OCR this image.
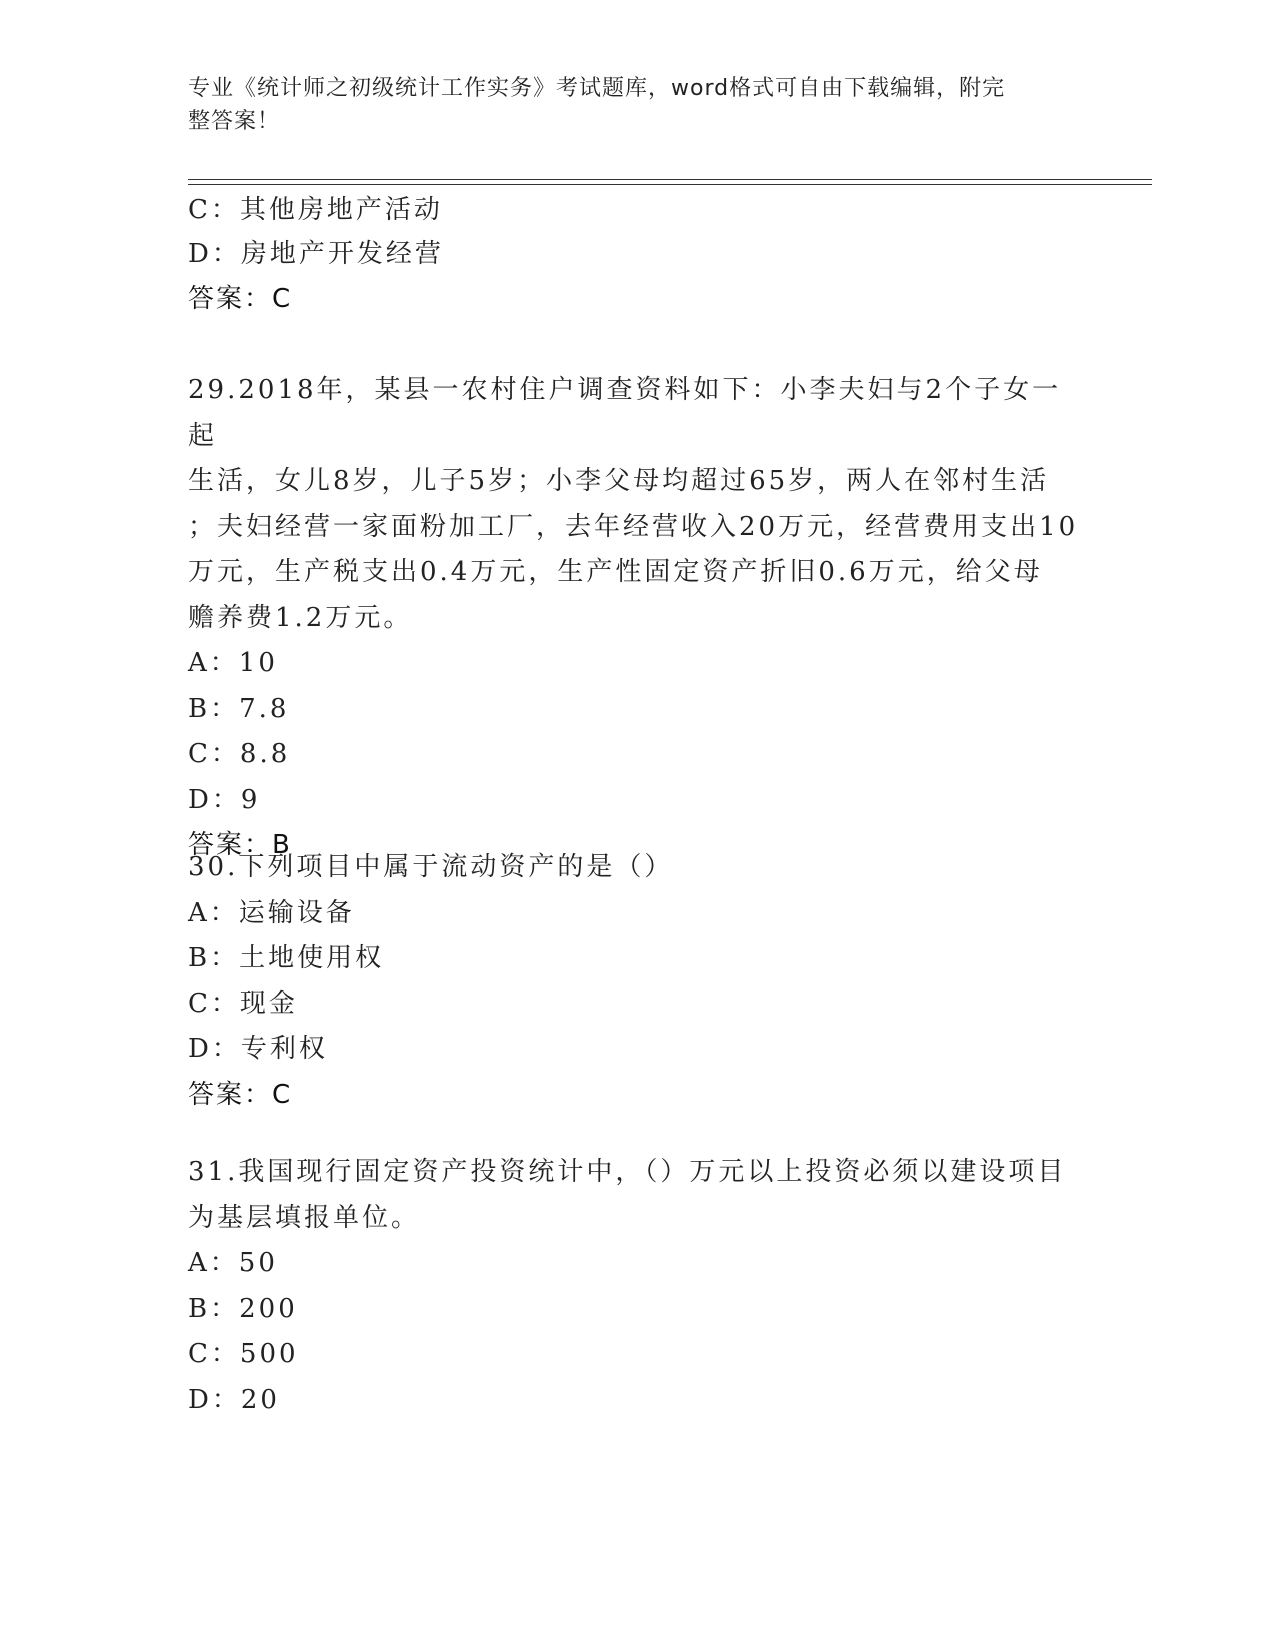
专业《统计师之初级统计工作实务》考试题库，word格式可自由下载编辑，附完
整答案！
C：其他房地产活动
D：房地产开发经营
答案：C
29.2018年，某县一农村住户调查资料如下：小李夫妇与2个子女一起
生活，女儿8岁，儿子5岁；小李父母均超过65岁，两人在邻村生活
；夫妇经营一家面粉加工厂，去年经营收入20万元，经营费用支出10
万元，生产税支出0.4万元，生产性固定资产折旧0.6万元，给父母
赡养费1.2万元。
A：10
B：7.8
C：8.8
D：9
答案：B
30.下列项目中属于流动资产的是（）
A：运输设备
B：土地使用权
C：现金
D：专利权
答案：C
31.我国现行固定资产投资统计中，（）万元以上投资必须以建设项目
为基层填报单位。
A：50
B：200
C：500
D：20
